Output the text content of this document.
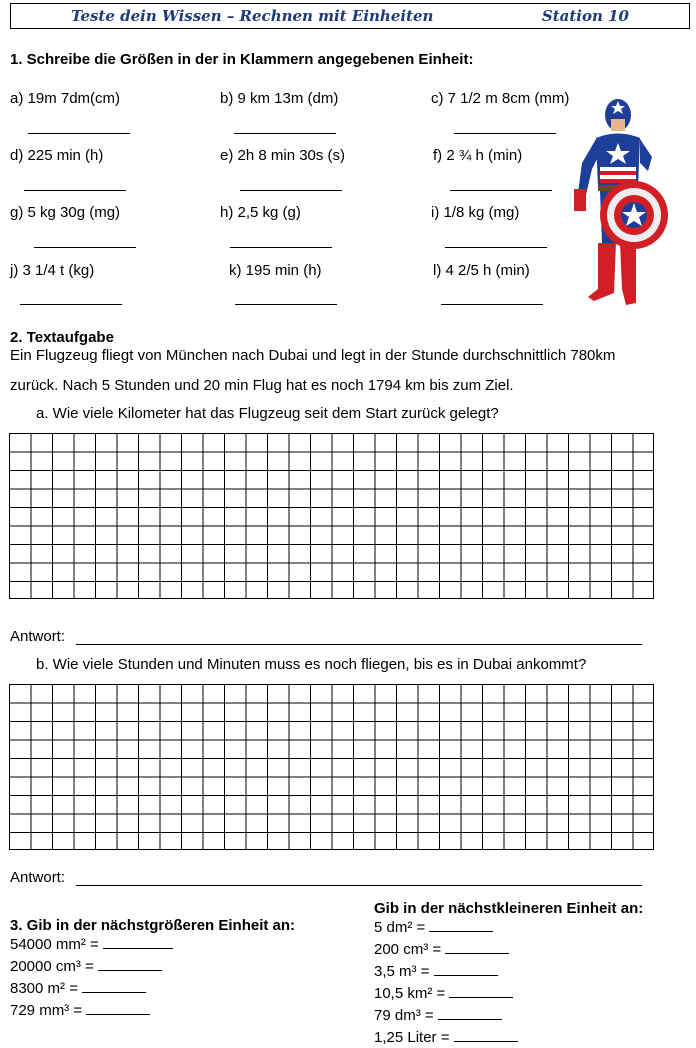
Teste dein Wissen – Rechnen mit Einheiten	Station 10
1. Schreibe die Größen in der in Klammern angegebenen Einheit:
a) 19m 7dm(cm)	b) 9 km 13m (dm)	c) 7 1/2 m 8cm (mm)
d) 225 min (h)	e) 2h 8 min 30s (s)	f) 2 ¾ h (min)
g) 5 kg 30g (mg)	h) 2,5 kg (g)	i) 1/8 kg (mg)
j) 3 1/4 t (kg)	k) 195 min (h)	l) 4 2/5 h (min)
2. Textaufgabe
Ein Flugzeug fliegt von München nach Dubai und legt in der Stunde durchschnittlich 780km
zurück. Nach 5 Stunden und 20 min Flug hat es noch 1794 km bis zum Ziel.
a. Wie viele Kilometer hat das Flugzeug seit dem Start zurück gelegt?
Antwort:
b. Wie viele Stunden und Minuten muss es noch fliegen, bis es in Dubai ankommt?
Antwort:
3. Gib in der nächstgrößeren Einheit an:
54000 mm² =
20000 cm³ =
8300 m² =
729 mm³ =
Gib in der nächstkleineren Einheit an:
5 dm² =
200 cm³ =
3,5 m³ =
10,5 km² =
79 dm³ =
1,25 Liter =
